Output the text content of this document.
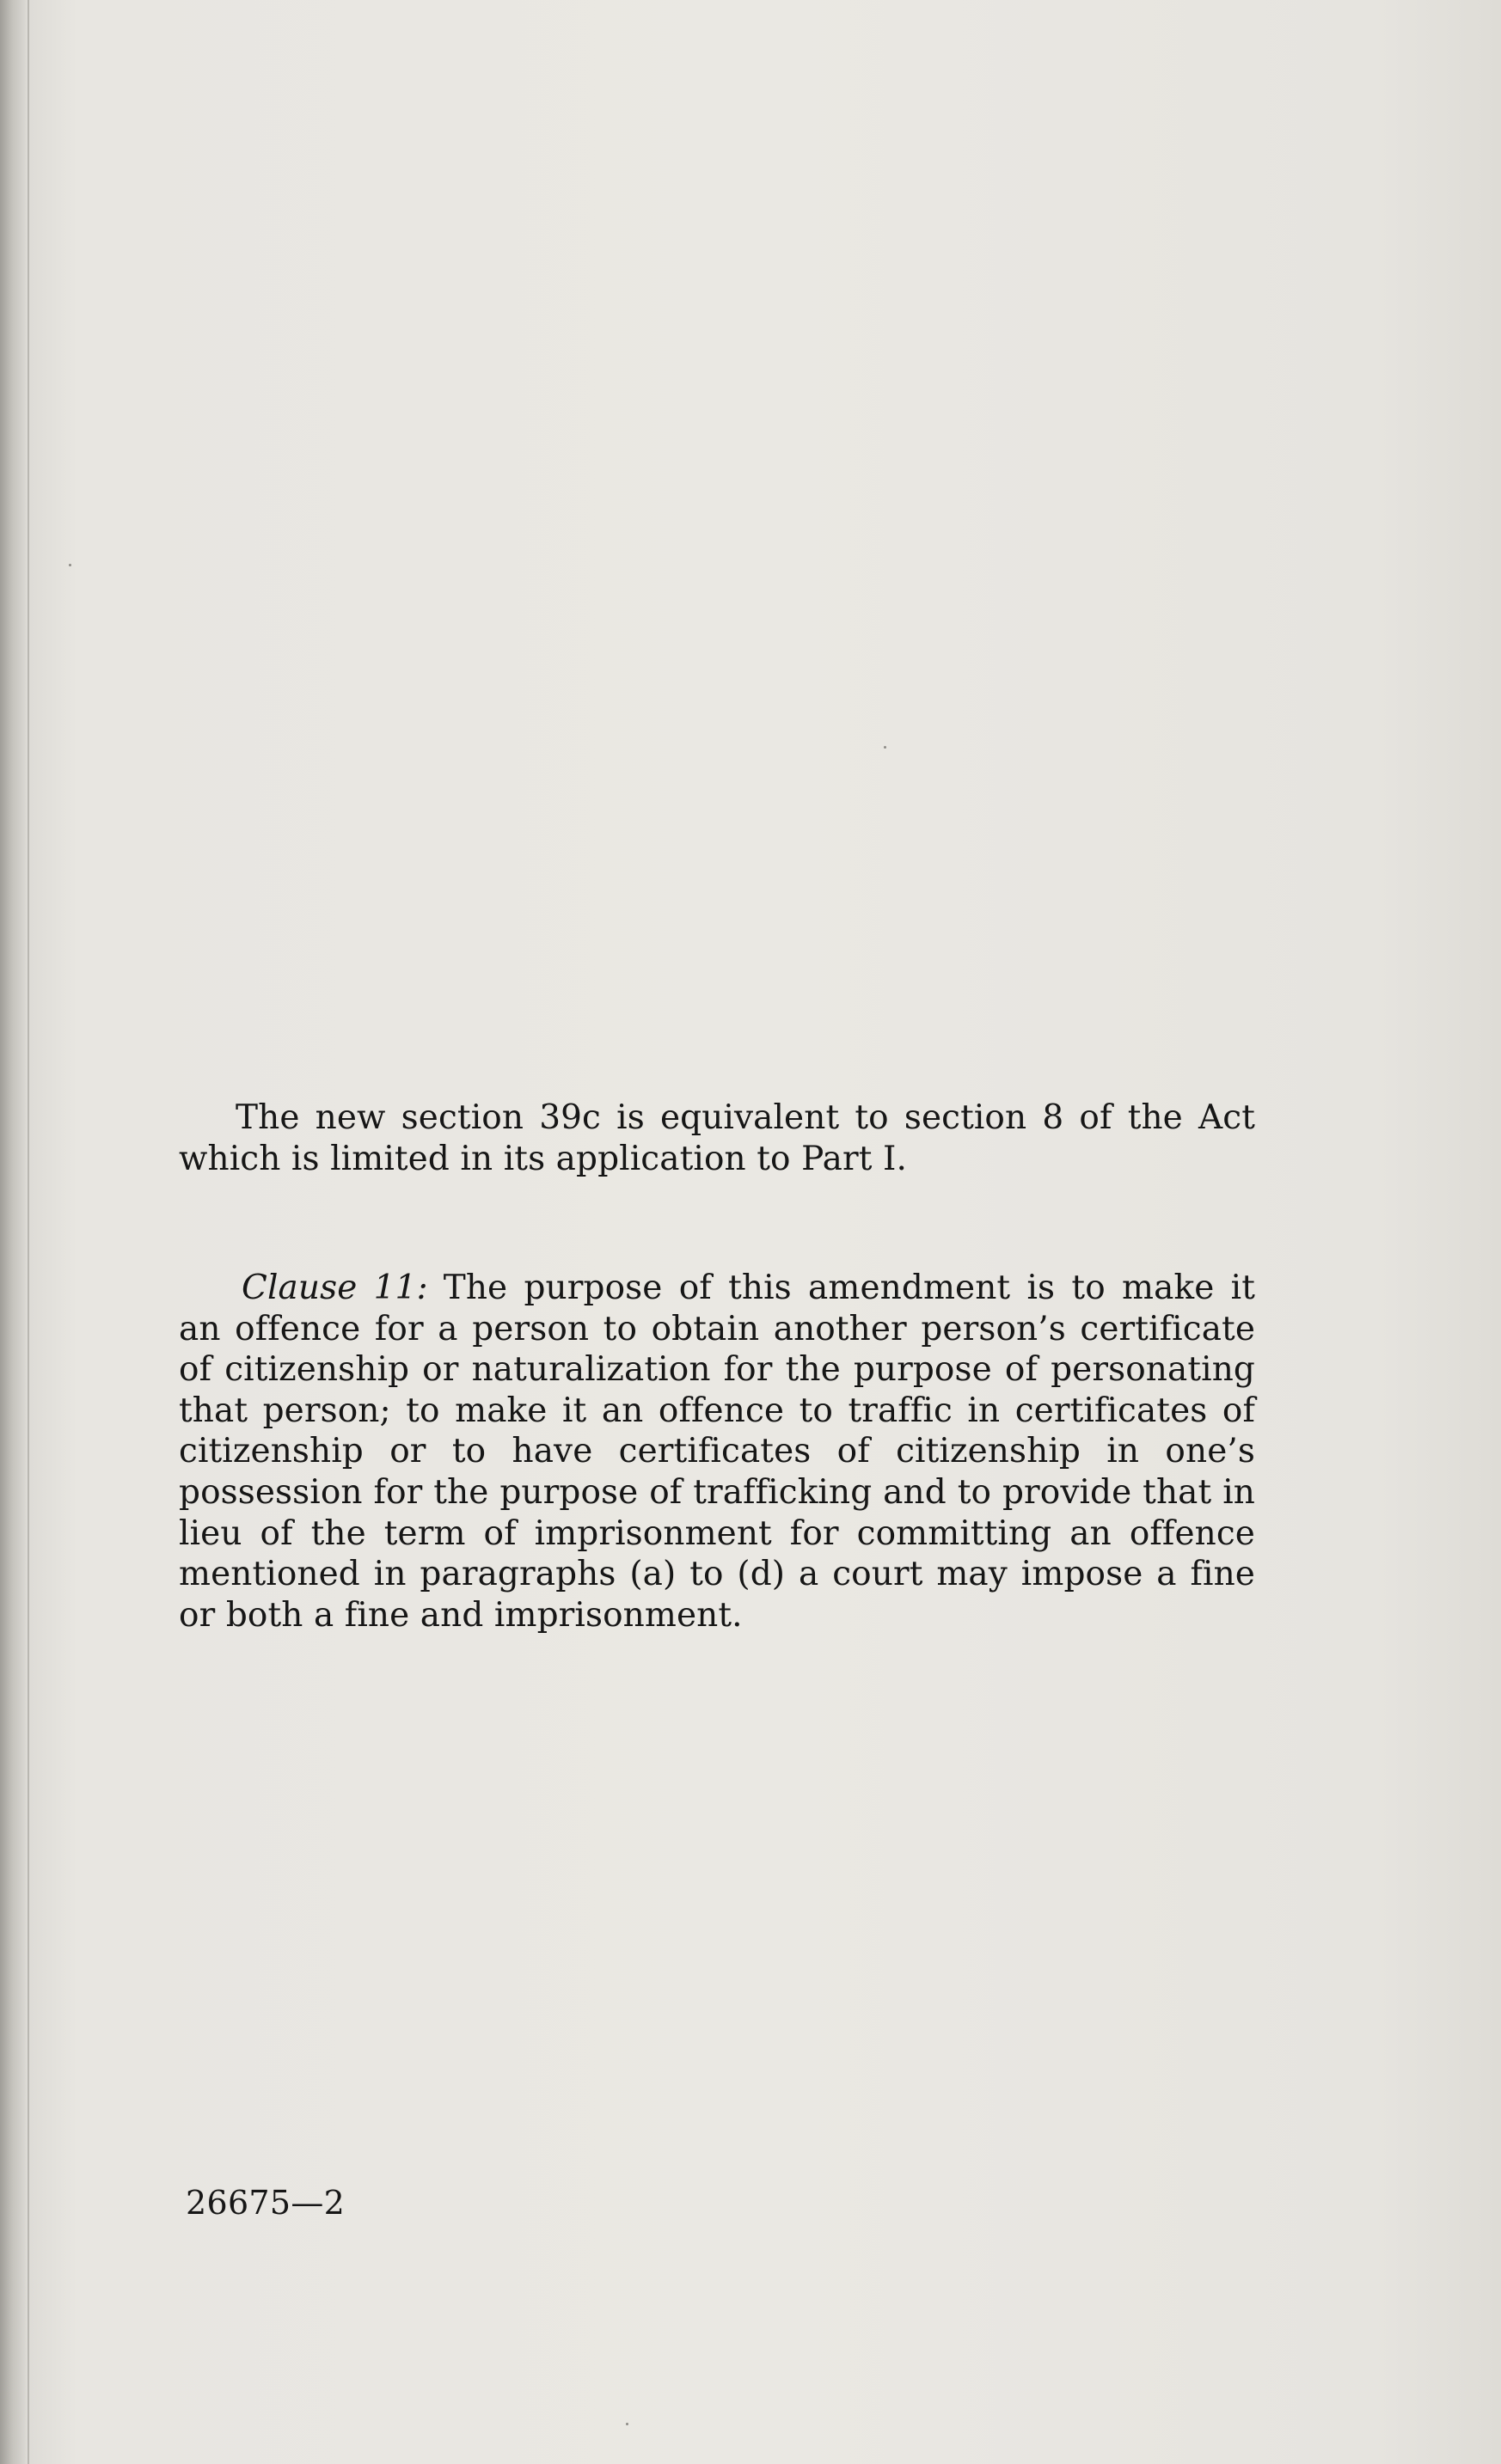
The new section 39c is equivalent to section 8 of the Act which is limited in its application to Part I.

Clause 11: The purpose of this amendment is to make it an offence for a person to obtain another person’s certificate of citizenship or naturalization for the purpose of personating that person; to make it an offence to traffic in certificates of citizenship or to have certificates of citizenship in one’s possession for the purpose of trafficking and to provide that in lieu of the term of imprisonment for committing an offence mentioned in paragraphs (a) to (d) a court may impose a fine or both a fine and imprisonment.

26675—2
